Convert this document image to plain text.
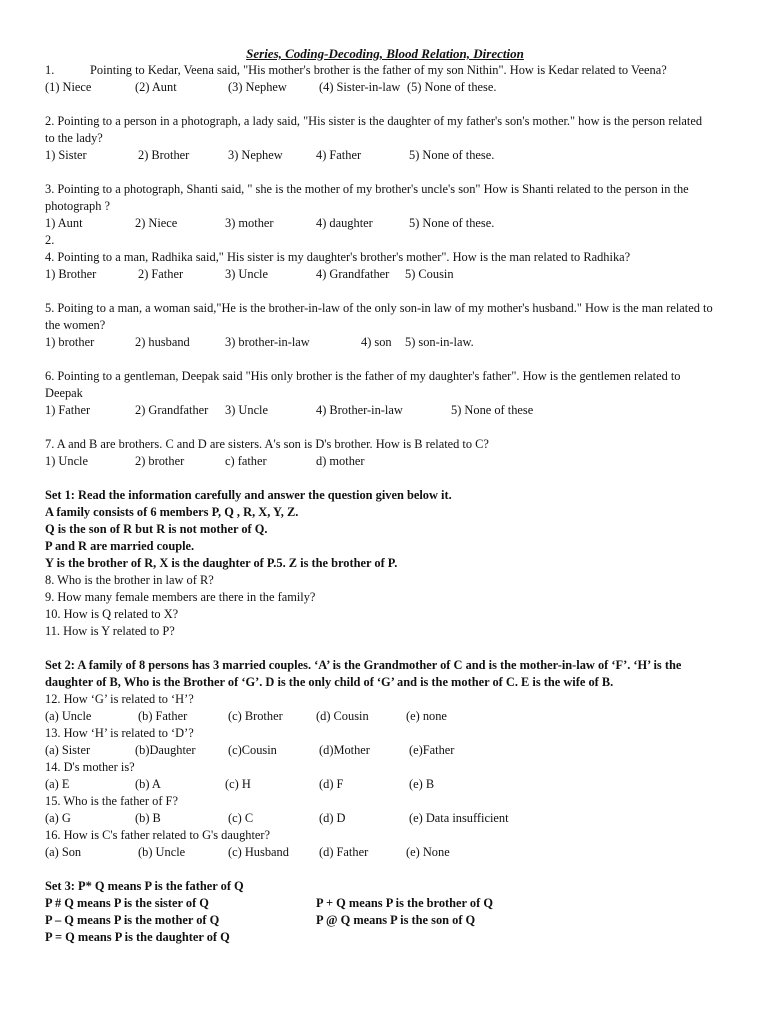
Series, Coding-Decoding, Blood Relation, Direction
1.	Pointing to Kedar, Veena said, "His mother's brother is the father of my son Nithin". How is Kedar related to Veena?
(1) Niece	(2) Aunt	(3) Nephew	(4) Sister-in-law (5) None of these.
2. Pointing to a person in a photograph, a lady said, "His sister is the daughter of my father's son's mother." how is the person related
to the lady?
1) Sister	2) Brother	3) Nephew	4) Father	5) None of these.
3. Pointing to a photograph, Shanti said, " she is the mother of my brother's uncle's son" How is Shanti related to the person in the
photograph ?
1) Aunt	2) Niece	3) mother	4) daughter	5) None of these.
2.
4. Pointing to a man, Radhika said," His sister is my daughter's brother's mother". How is the man related to Radhika?
1) Brother	2) Father	3) Uncle	4) Grandfather 5) Cousin
5. Poiting to a man, a woman said,"He is the brother-in-law of the only son-in law of my mother's husband." How is the man related to
the women?
1) brother	2) husband	3) brother-in-law	4) son 5) son-in-law.
6. Pointing to a gentleman, Deepak said "His only brother is the father of my daughter's father". How is the gentlemen related to
Deepak
1) Father	2) Grandfather 3) Uncle	4) Brother-in-law	5) None of these
7. A and B are brothers. C and D are sisters. A's son is D's brother. How is B related to C?
1) Uncle	2) brother	c) father	d) mother
Set 1: Read the information carefully and answer the question given below it.
A family consists of 6 members P, Q , R, X, Y, Z.
Q is the son of R but R is not mother of Q.
P and R are married couple.
Y is the brother of R, X is the daughter of P.5. Z is the brother of P.
8. Who is the brother in law of R?
9. How many female members are there in the family?
10. How is Q related to X?
11. How is Y related to P?
Set 2: A family of 8 persons has 3 married couples. ‘A’ is the Grandmother of C and is the mother-in-law of ‘F’. ‘H’ is the
daughter of B, Who is the Brother of ‘G’. D is the only child of ‘G’ and is the mother of C. E is the wife of B.
12. How ‘G’ is related to ‘H’?
(a) Uncle	(b) Father	(c) Brother	(d) Cousin	(e) none
13. How ‘H’ is related to ‘D’?
(a) Sister	(b)Daughter	(c)Cousin	(d)Mother	(e)Father
14. D's mother is?
(a) E	(b) A	(c) H	(d) F	(e) B
15. Who is the father of F?
(a) G	(b) B	(c) C	(d) D	(e) Data insufficient
16. How is C's father related to G's daughter?
(a) Son	(b) Uncle	(c) Husband (d) Father	(e) None
Set 3: P* Q means P is the father of Q
P # Q means P is the sister of Q	P + Q means P is the brother of Q
P – Q means P is the mother of Q	P @ Q means P is the son of Q
P = Q means P is the daughter of Q
